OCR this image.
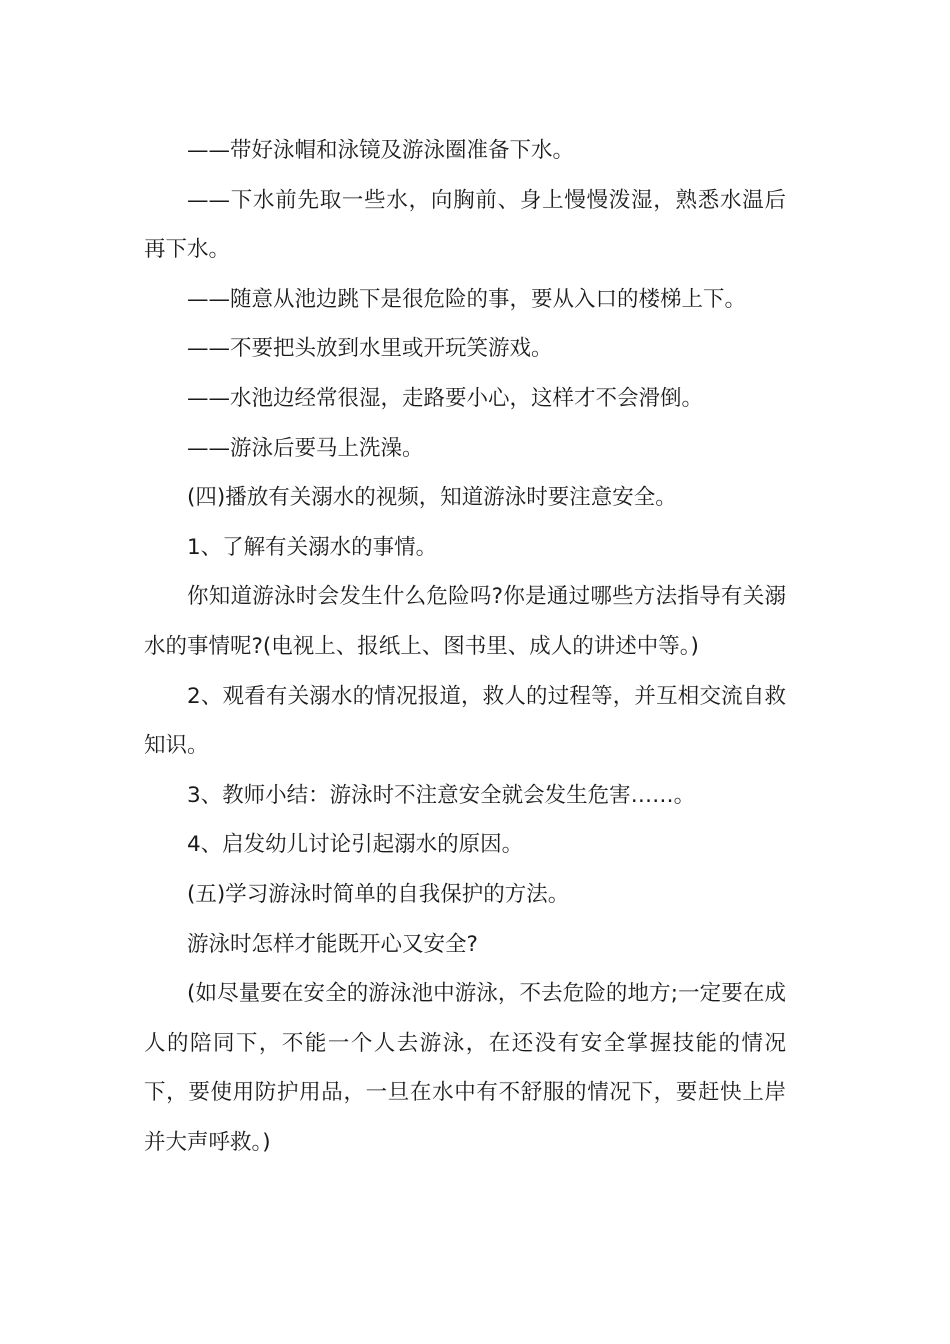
——带好泳帽和泳镜及游泳圈准备下水。

——下水前先取一些水，向胸前、身上慢慢泼湿，熟悉水温后再下水。

——随意从池边跳下是很危险的事，要从入口的楼梯上下。

——不要把头放到水里或开玩笑游戏。

——水池边经常很湿，走路要小心，这样才不会滑倒。

——游泳后要马上洗澡。

(四)播放有关溺水的视频，知道游泳时要注意安全。

1、了解有关溺水的事情。

你知道游泳时会发生什么危险吗?你是通过哪些方法指导有关溺水的事情呢?(电视上、报纸上、图书里、成人的讲述中等。)

2、观看有关溺水的情况报道，救人的过程等，并互相交流自救知识。

3、教师小结：游泳时不注意安全就会发生危害……。

4、启发幼儿讨论引起溺水的原因。

(五)学习游泳时简单的自我保护的方法。

游泳时怎样才能既开心又安全?

(如尽量要在安全的游泳池中游泳，不去危险的地方;一定要在成人的陪同下，不能一个人去游泳，在还没有安全掌握技能的情况下，要使用防护用品，一旦在水中有不舒服的情况下，要赶快上岸并大声呼救。)
